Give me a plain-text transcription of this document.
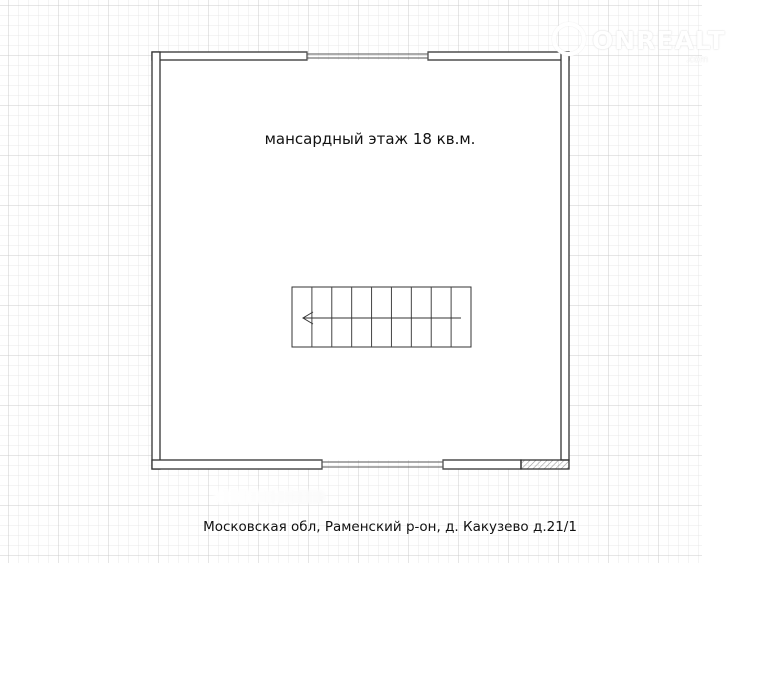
ONREALT
.com
мансардный этаж 18 кв.м.
Московская обл, Раменский р-он, д. Какузево д.21/1
